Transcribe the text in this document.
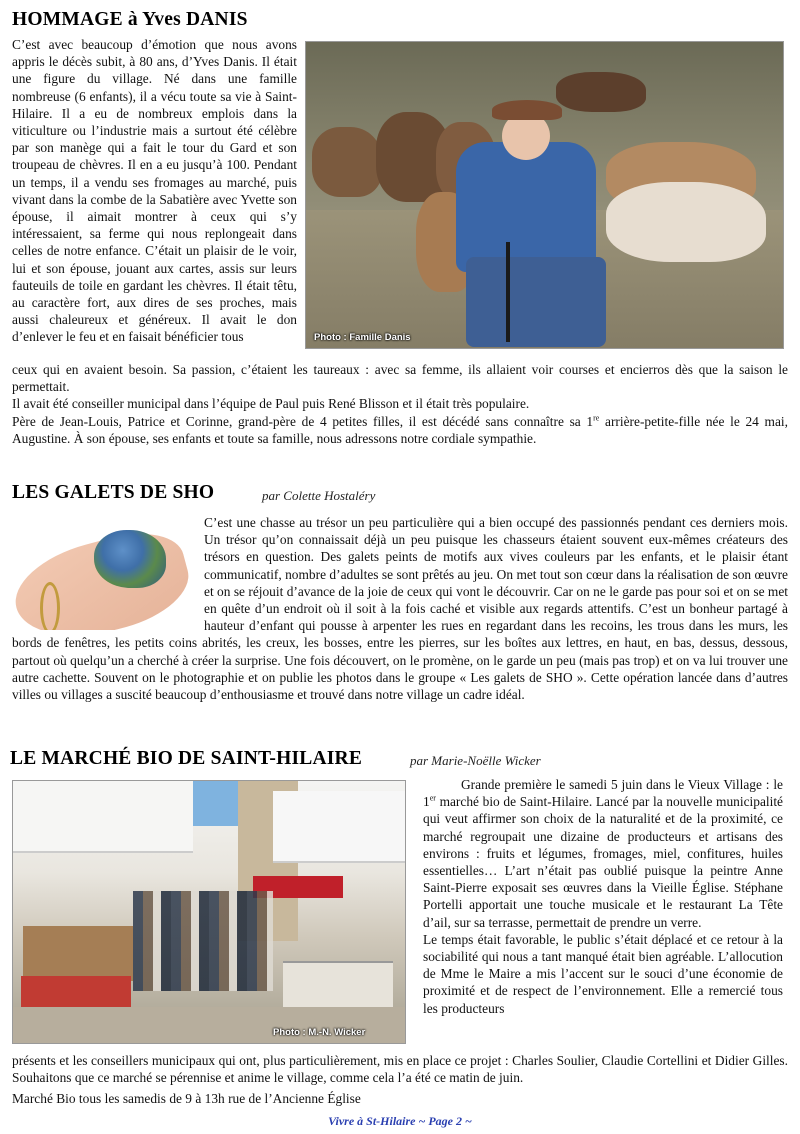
HOMMAGE à Yves DANIS
Photo : Famille Danis

C’est avec beaucoup d’émotion que nous avons appris le décès subit, à 80 ans, d’Yves Danis. Il était une figure du village. Né dans une famille nombreuse (6 enfants), il a vécu toute sa vie à Saint-Hilaire. Il a eu de nombreux emplois dans la viticulture ou l’industrie mais a surtout été célèbre par son manège qui a fait le tour du Gard et son troupeau de chèvres. Il en a eu jusqu’à 100. Pendant un temps, il a vendu ses fromages au marché, puis vivant dans la combe de la Sabatière avec Yvette son épouse, il aimait montrer à ceux qui s’y intéressaient, sa ferme qui nous replongeait dans celles de notre enfance. C’était un plaisir de le voir, lui et son épouse, jouant aux cartes, assis sur leurs fauteuils de toile en gardant les chèvres. Il était têtu, au caractère fort, aux dires de ses proches, mais aussi chaleureux et généreux. Il avait le don d’enlever le feu et en faisait bénéficier tous

ceux qui en avaient besoin. Sa passion, c’étaient les taureaux : avec sa femme, ils allaient voir courses et encierros dès que la saison le permettait.

Il avait été conseiller municipal dans l’équipe de Paul puis René Blisson et il était très populaire.

Père de Jean-Louis, Patrice et Corinne, grand-père de 4 petites filles, il est décédé sans connaître sa 1re arrière-petite-fille née le 24 mai, Augustine. À son épouse, ses enfants et toute sa famille, nous adressons notre cordiale sympathie.

LES GALETS DE SHO	par Colette Hostaléry

C’est une chasse au trésor un peu particulière qui a bien occupé des passionnés pendant ces derniers mois. Un trésor qu’on connaissait déjà un peu puisque les chasseurs étaient souvent eux-mêmes créateurs des trésors en question. Des galets peints de motifs aux vives couleurs par les enfants, et le plaisir étant communicatif, nombre d’adultes se sont prêtés au jeu. On met tout son cœur dans la réalisation de son œuvre et on se réjouit d’avance de la joie de ceux qui vont le découvrir. Car on ne le garde pas pour soi et on se met en quête d’un endroit où il soit à la fois caché et visible aux regards attentifs. C’est un bonheur partagé à hauteur d’enfant qui pousse à arpenter les rues en regardant dans les recoins, les trous dans les murs, les bords de fenêtres, les petits coins abrités, les creux, les bosses, entre les pierres, sur les boîtes aux lettres, en haut, en bas, dessus, dessous, partout où quelqu’un a cherché à créer la surprise. Une fois découvert, on le promène, on le garde un peu (mais pas trop) et on va lui trouver une autre cachette. Souvent on le photographie et on publie les photos dans le groupe « Les galets de SHO ». Cette opération lancée dans d’autres villes ou villages a suscité beaucoup d’enthousiasme et trouvé dans notre village un cadre idéal.

LE MARCHÉ BIO DE SAINT-HILAIRE	par Marie-Noëlle Wicker
Photo : M.-N. Wicker

Grande première le samedi 5 juin dans le Vieux Village : le 1er marché bio de Saint-Hilaire. Lancé par la nouvelle municipalité qui veut affirmer son choix de la naturalité et de la proximité, ce marché regroupait une dizaine de producteurs et artisans des environs : fruits et légumes, fromages, miel, confitures, huiles essentielles… L’art n’était pas oublié puisque la peintre Anne Saint-Pierre exposait ses œuvres dans la Vieille Église. Stéphane Portelli apportait une touche musicale et le restaurant La Tête d’ail, sur sa terrasse, permettait de prendre un verre.

Le temps était favorable, le public s’était déplacé et ce retour à la sociabilité qui nous a tant manqué était bien agréable. L’allocution de Mme le Maire a mis l’accent sur le souci d’une économie de proximité et de respect de l’environnement. Elle a remercié tous les producteurs

présents et les conseillers municipaux qui ont, plus particulièrement, mis en place ce projet : Charles Soulier, Claudie Cortellini et Didier Gilles. Souhaitons que ce marché se pérennise et anime le village, comme cela l’a été ce matin de juin.

Marché Bio tous les samedis de 9 à 13h rue de l’Ancienne Église

Vivre à St-Hilaire ~ Page 2 ~
